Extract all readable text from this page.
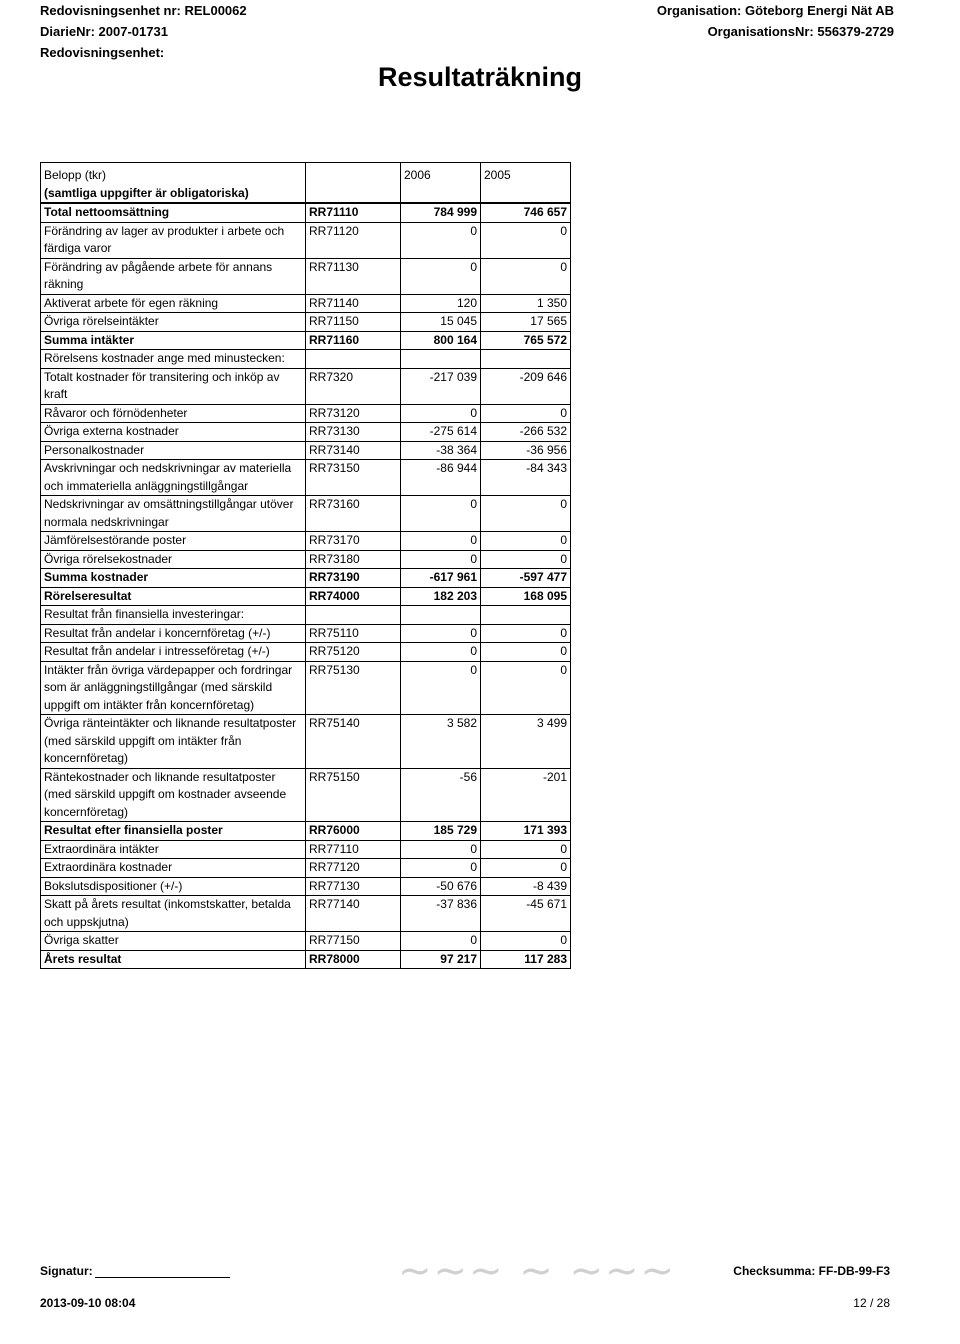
Redovisningsenhet nr: REL00062
DiarieNr: 2007-01731
Redovisningsenhet:
Organisation: Göteborg Energi Nät AB
OrganisationsNr: 556379-2729
Resultaträkning
Belopp (tkr)
(samtliga uppgifter är obligatoriska)		2006	2005
Total nettoomsättning	RR71110	784 999	746 657
Förändring av lager av produkter i arbete och färdiga varor	RR71120	0	0
Förändring av pågående arbete för annans räkning	RR71130	0	0
Aktiverat arbete för egen räkning	RR71140	120	1 350
Övriga rörelseintäkter	RR71150	15 045	17 565
Summa intäkter	RR71160	800 164	765 572
Rörelsens kostnader ange med minustecken:			
Totalt kostnader för transitering och inköp av kraft	RR7320	-217 039	-209 646
Råvaror och förnödenheter	RR73120	0	0
Övriga externa kostnader	RR73130	-275 614	-266 532
Personalkostnader	RR73140	-38 364	-36 956
Avskrivningar och nedskrivningar av materiella och immateriella anläggningstillgångar	RR73150	-86 944	-84 343
Nedskrivningar av omsättningstillgångar utöver normala nedskrivningar	RR73160	0	0
Jämförelsestörande poster	RR73170	0	0
Övriga rörelsekostnader	RR73180	0	0
Summa kostnader	RR73190	-617 961	-597 477
Rörelseresultat	RR74000	182 203	168 095
Resultat från finansiella investeringar:			
Resultat från andelar i koncernföretag (+/-)	RR75110	0	0
Resultat från andelar i intresseföretag (+/-)	RR75120	0	0
Intäkter från övriga värdepapper och fordringar som är anläggningstillgångar (med särskild uppgift om intäkter från koncernföretag)	RR75130	0	0
Övriga ränteintäkter och liknande resultatposter (med särskild uppgift om intäkter från koncernföretag)	RR75140	3 582	3 499
Räntekostnader och liknande resultatposter (med särskild uppgift om kostnader avseende koncernföretag)	RR75150	-56	-201
Resultat efter finansiella poster	RR76000	185 729	171 393
Extraordinära intäkter	RR77110	0	0
Extraordinära kostnader	RR77120	0	0
Bokslutsdispositioner (+/-)	RR77130	-50 676	-8 439
Skatt på årets resultat (inkomstskatter, betalda och uppskjutna)	RR77140	-37 836	-45 671
Övriga skatter	RR77150	0	0
Årets resultat	RR78000	97 217	117 283
Signatur:	~~~ ~ ~~~	Checksumma: FF-DB-99-F3
2013-09-10 08:04	12 / 28
